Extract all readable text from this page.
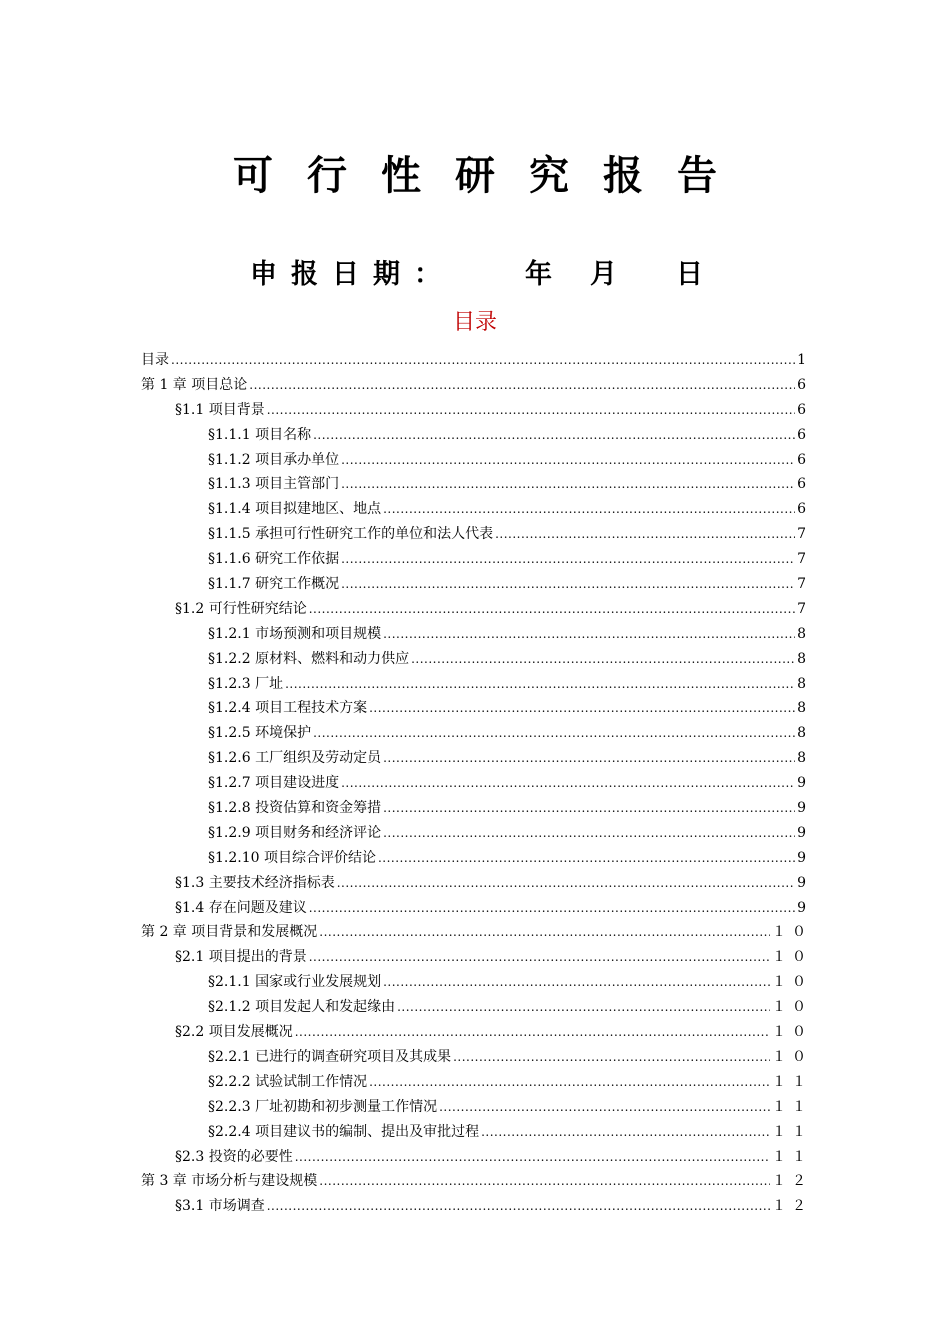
可行性研究报告
申报日期：	年 月 日
目录
目录 .....	1
第 1 章 项目总论 .....	6
§1.1 项目背景 .....	6
§1.1.1 项目名称 .....	6
§1.1.2 项目承办单位 .....	6
§1.1.3 项目主管部门 .....	6
§1.1.4 项目拟建地区、地点 .....	6
§1.1.5 承担可行性研究工作的单位和法人代表 .....	7
§1.1.6 研究工作依据 .....	7
§1.1.7 研究工作概况 .....	7
§1.2 可行性研究结论 .....	7
§1.2.1 市场预测和项目规模 .....	8
§1.2.2 原材料、燃料和动力供应 .....	8
§1.2.3 厂址 .....	8
§1.2.4 项目工程技术方案 .....	8
§1.2.5 环境保护 .....	8
§1.2.6 工厂组织及劳动定员 .....	8
§1.2.7 项目建设进度 .....	9
§1.2.8 投资估算和资金筹措 .....	9
§1.2.9 项目财务和经济评论 .....	9
§1.2.10 项目综合评价结论 .....	9
§1.3 主要技术经济指标表 .....	9
§1.4 存在问题及建议 .....	9
第 2 章 项目背景和发展概况 .....	１０
§2.1 项目提出的背景 .....	１０
§2.1.1 国家或行业发展规划 .....	１０
§2.1.2 项目发起人和发起缘由 .....	１０
§2.2 项目发展概况 .....	１０
§2.2.1 已进行的调查研究项目及其成果 .....	１０
§2.2.2 试验试制工作情况 .....	１１
§2.2.3 厂址初勘和初步测量工作情况 .....	１１
§2.2.4 项目建议书的编制、提出及审批过程 .....	１１
§2.3 投资的必要性 .....	１１
第 3 章 市场分析与建设规模 .....	１２
§3.1 市场调查 .....	１２
